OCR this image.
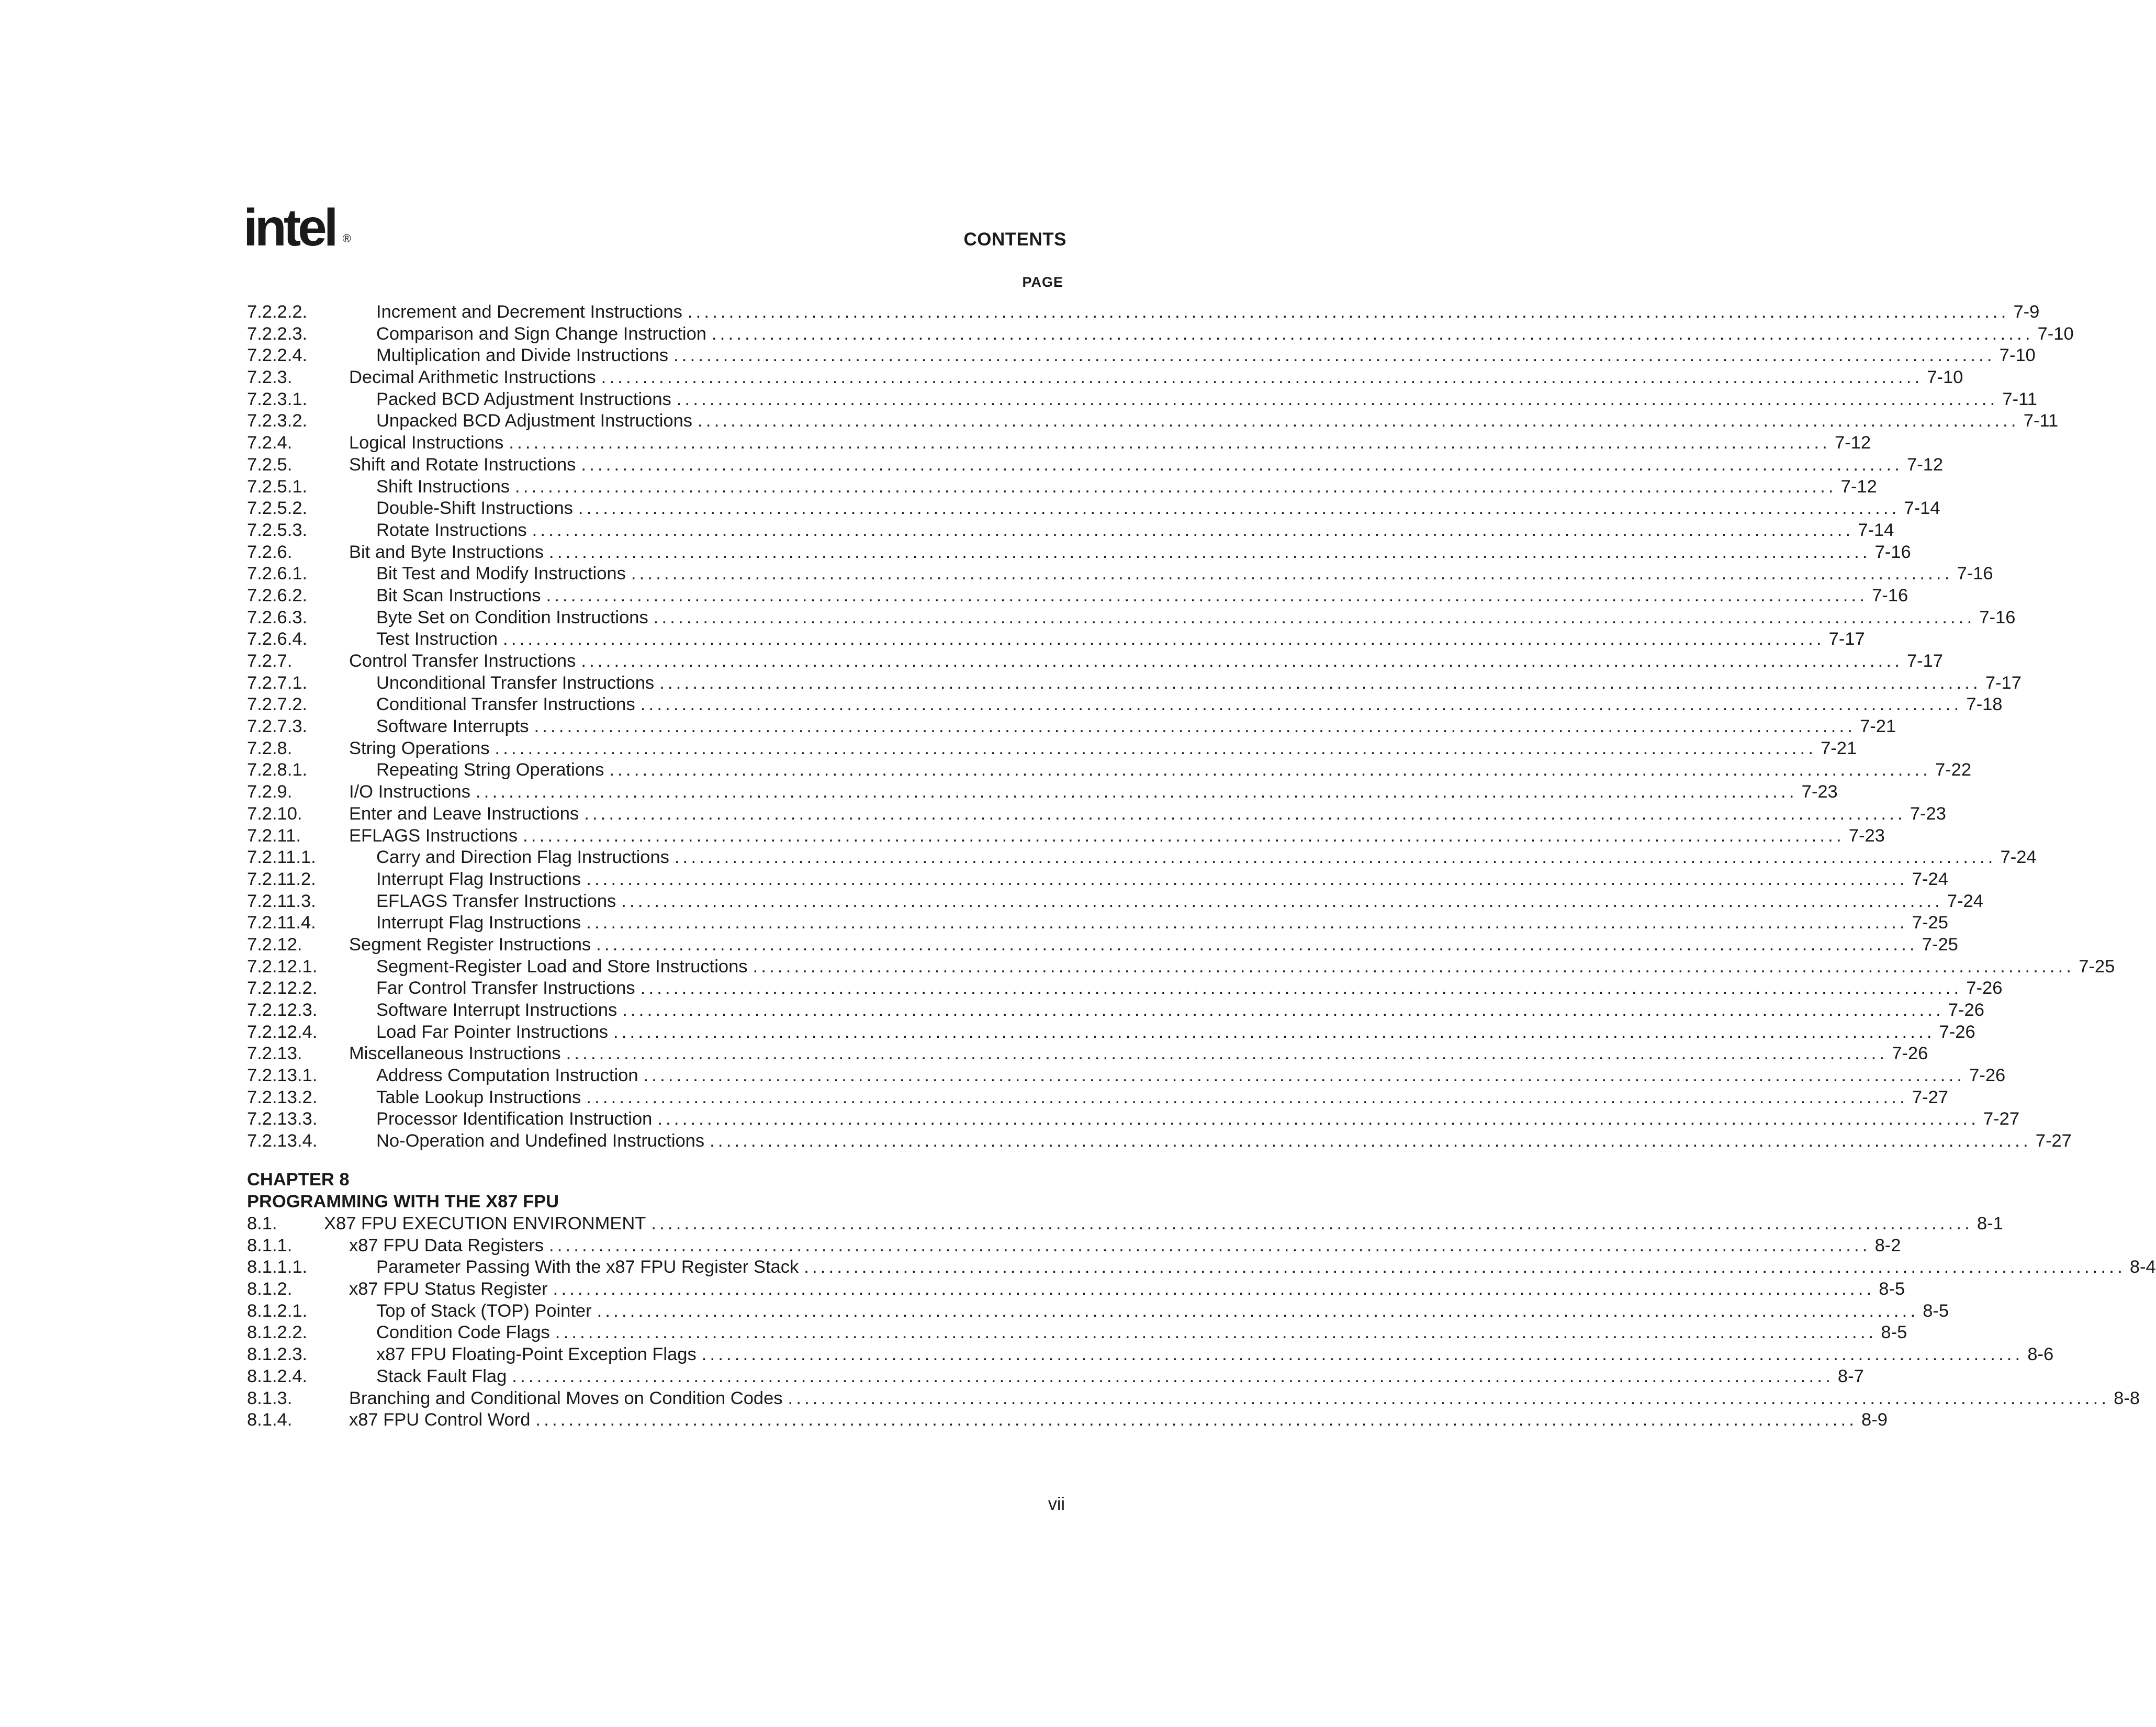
intel ®	CONTENTS
PAGE
7.2.2.2.	Increment and Decrement Instructions ................................................................................................................................................................ 7-9
7.2.2.3.	Comparison and Sign Change Instruction ................................................................................................................................................................ 7-10
7.2.2.4.	Multiplication and Divide Instructions ................................................................................................................................................................ 7-10
7.2.3.	Decimal Arithmetic Instructions ................................................................................................................................................................ 7-10
7.2.3.1.	Packed BCD Adjustment Instructions ................................................................................................................................................................ 7-11
7.2.3.2.	Unpacked BCD Adjustment Instructions ................................................................................................................................................................ 7-11
7.2.4.	Logical Instructions ................................................................................................................................................................ 7-12
7.2.5.	Shift and Rotate Instructions ................................................................................................................................................................ 7-12
7.2.5.1.	Shift Instructions ................................................................................................................................................................ 7-12
7.2.5.2.	Double-Shift Instructions ................................................................................................................................................................ 7-14
7.2.5.3.	Rotate Instructions ................................................................................................................................................................ 7-14
7.2.6.	Bit and Byte Instructions ................................................................................................................................................................ 7-16
7.2.6.1.	Bit Test and Modify Instructions ................................................................................................................................................................ 7-16
7.2.6.2.	Bit Scan Instructions ................................................................................................................................................................ 7-16
7.2.6.3.	Byte Set on Condition Instructions ................................................................................................................................................................ 7-16
7.2.6.4.	Test Instruction ................................................................................................................................................................ 7-17
7.2.7.	Control Transfer Instructions ................................................................................................................................................................ 7-17
7.2.7.1.	Unconditional Transfer Instructions ................................................................................................................................................................ 7-17
7.2.7.2.	Conditional Transfer Instructions ................................................................................................................................................................ 7-18
7.2.7.3.	Software Interrupts ................................................................................................................................................................ 7-21
7.2.8.	String Operations ................................................................................................................................................................ 7-21
7.2.8.1.	Repeating String Operations ................................................................................................................................................................ 7-22
7.2.9.	I/O Instructions ................................................................................................................................................................ 7-23
7.2.10.	Enter and Leave Instructions ................................................................................................................................................................ 7-23
7.2.11.	EFLAGS Instructions ................................................................................................................................................................ 7-23
7.2.11.1.	Carry and Direction Flag Instructions ................................................................................................................................................................ 7-24
7.2.11.2.	Interrupt Flag Instructions ................................................................................................................................................................ 7-24
7.2.11.3.	EFLAGS Transfer Instructions ................................................................................................................................................................ 7-24
7.2.11.4.	Interrupt Flag Instructions ................................................................................................................................................................ 7-25
7.2.12.	Segment Register Instructions ................................................................................................................................................................ 7-25
7.2.12.1.	Segment-Register Load and Store Instructions ................................................................................................................................................................ 7-25
7.2.12.2.	Far Control Transfer Instructions ................................................................................................................................................................ 7-26
7.2.12.3.	Software Interrupt Instructions ................................................................................................................................................................ 7-26
7.2.12.4.	Load Far Pointer Instructions ................................................................................................................................................................ 7-26
7.2.13.	Miscellaneous Instructions ................................................................................................................................................................ 7-26
7.2.13.1.	Address Computation Instruction ................................................................................................................................................................ 7-26
7.2.13.2.	Table Lookup Instructions ................................................................................................................................................................ 7-27
7.2.13.3.	Processor Identification Instruction ................................................................................................................................................................ 7-27
7.2.13.4.	No-Operation and Undefined Instructions ................................................................................................................................................................ 7-27
CHAPTER 8
PROGRAMMING WITH THE X87 FPU
8.1.	X87 FPU EXECUTION ENVIRONMENT ................................................................................................................................................................ 8-1
8.1.1.	x87 FPU Data Registers ................................................................................................................................................................ 8-2
8.1.1.1.	Parameter Passing With the x87 FPU Register Stack ................................................................................................................................................................ 8-4
8.1.2.	x87 FPU Status Register ................................................................................................................................................................ 8-5
8.1.2.1.	Top of Stack (TOP) Pointer ................................................................................................................................................................ 8-5
8.1.2.2.	Condition Code Flags ................................................................................................................................................................ 8-5
8.1.2.3.	x87 FPU Floating-Point Exception Flags ................................................................................................................................................................ 8-6
8.1.2.4.	Stack Fault Flag ................................................................................................................................................................ 8-7
8.1.3.	Branching and Conditional Moves on Condition Codes ................................................................................................................................................................ 8-8
8.1.4.	x87 FPU Control Word ................................................................................................................................................................ 8-9
vii
